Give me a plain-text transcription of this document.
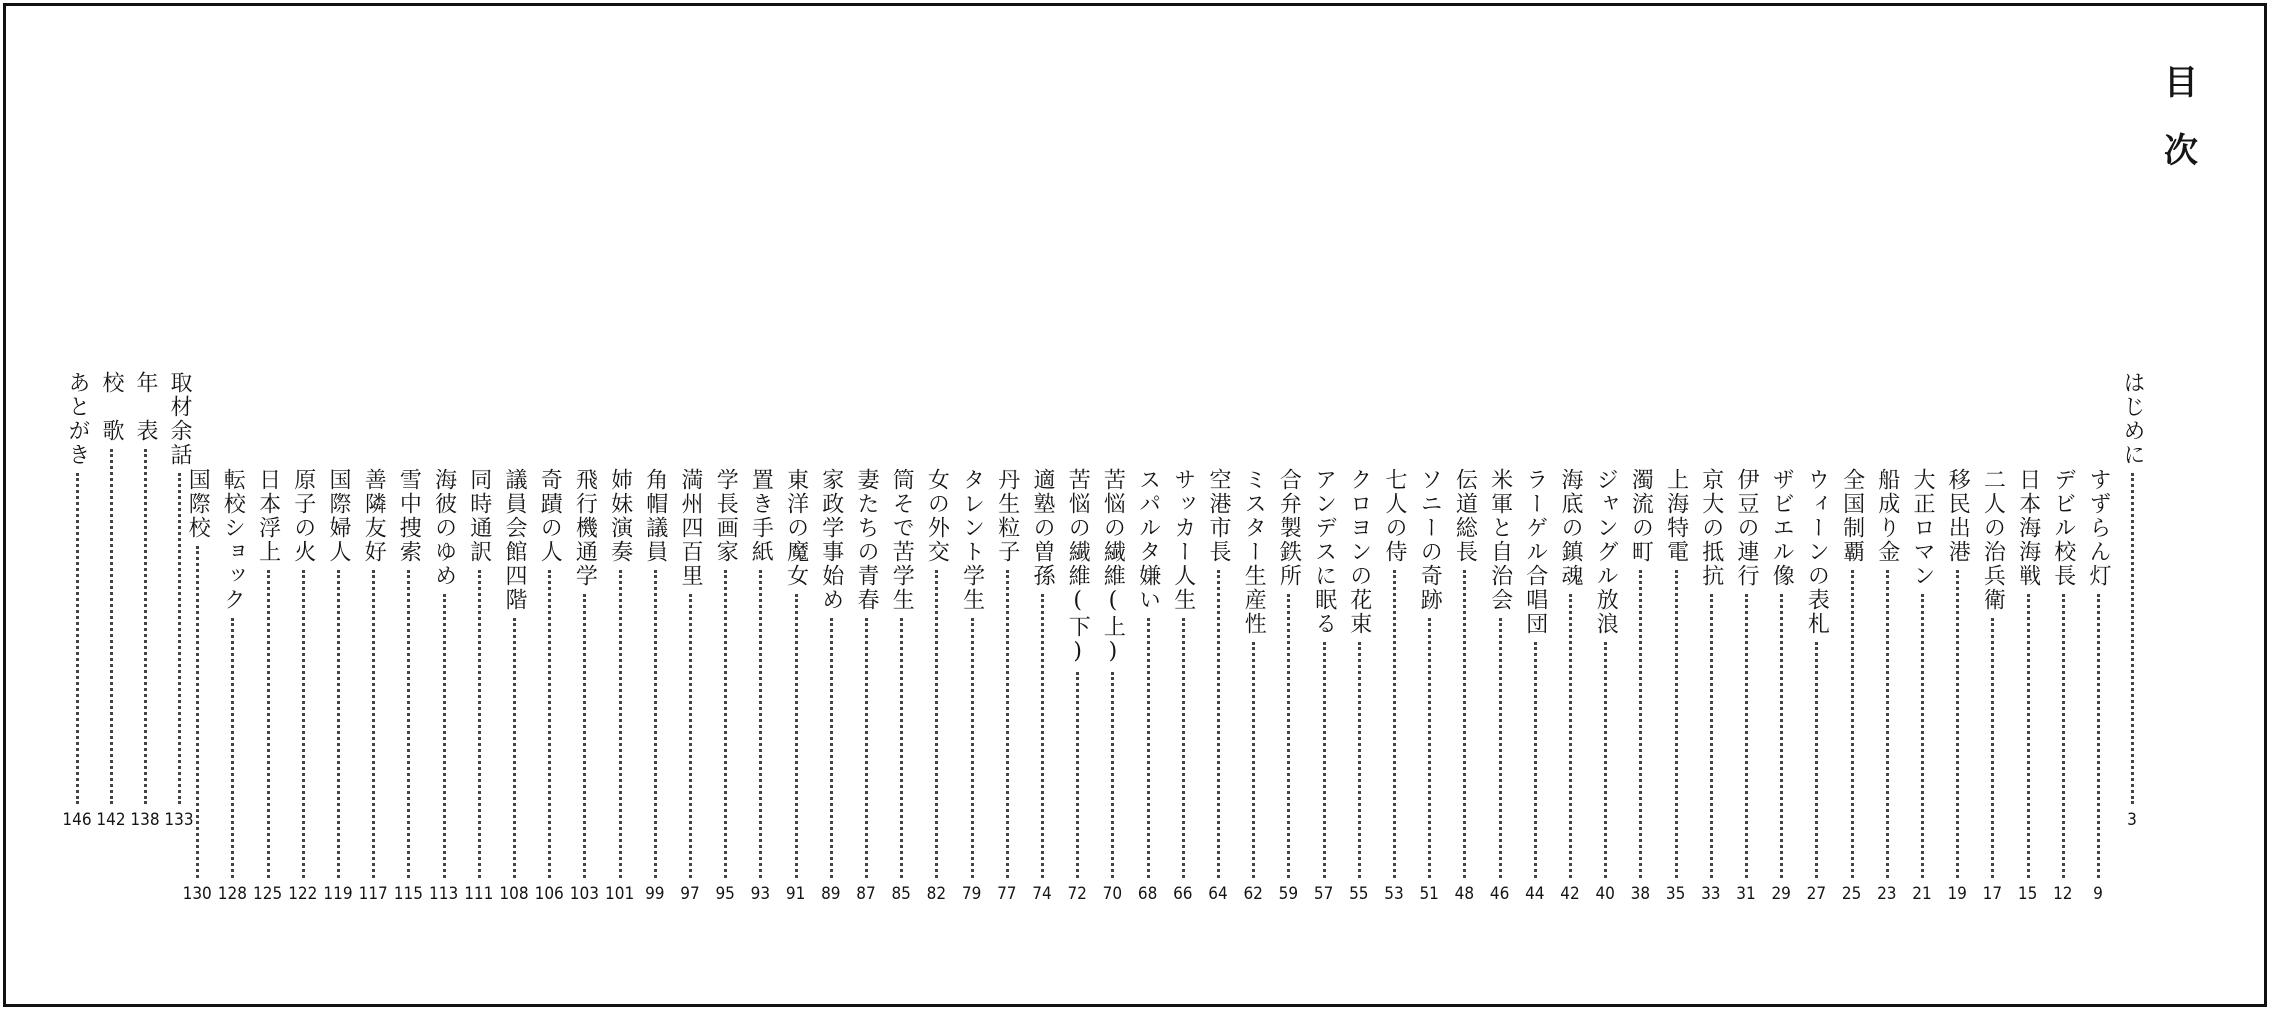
目
次
はじめに
3
すずらん灯
9
デビル校長
12
日本海海戦
15
二人の治兵衛
17
移民出港
19
大正ロマン
21
船成り金
23
全国制覇
25
ウィーンの表札
27
ザビエル像
29
伊豆の連行
31
京大の抵抗
33
上海特電
35
濁流の町
38
ジャングル放浪
40
海底の鎮魂
42
ラーゲル合唱団
44
米軍と自治会
46
伝道総長
48
ソニーの奇跡
51
七人の侍
53
クロヨンの花束
55
アンデスに眠る
57
合弁製鉄所
59
ミスター生産性
62
空港市長
64
サッカー人生
66
スパルタ嫌い
68
苦悩の繊維(上)
70
苦悩の繊維(下)
72
適塾の曽孫
74
丹生粒子
77
タレント学生
79
女の外交
82
筒そで苦学生
85
妻たちの青春
87
家政学事始め
89
東洋の魔女
91
置き手紙
93
学長画家
95
満州四百里
97
角帽議員
99
姉妹演奏
101
飛行機通学
103
奇蹟の人
106
議員会館四階
108
同時通訳
111
海彼のゆめ
113
雪中捜索
115
善隣友好
117
国際婦人
119
原子の火
122
日本浮上
125
転校ショック
128
国際校
130
取材余話
133
年　表
138
校　歌
142
あとがき
146
